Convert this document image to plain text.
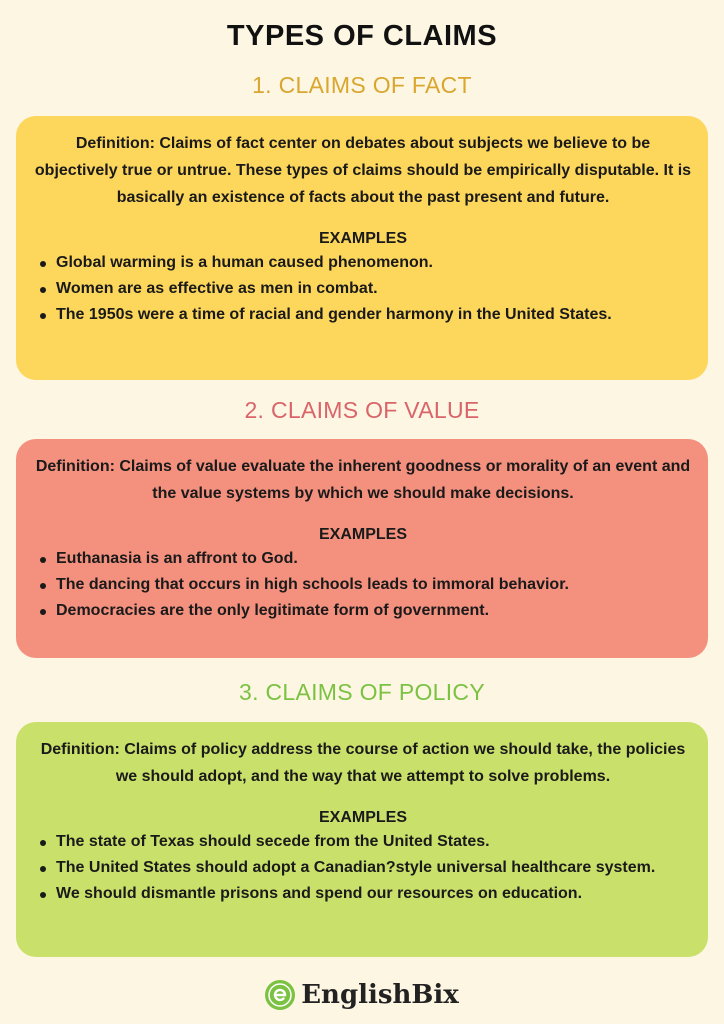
TYPES OF CLAIMS
1. CLAIMS OF FACT
Definition: Claims of fact center on debates about subjects we believe to be objectively true or untrue. These types of claims should be empirically disputable. It is basically an existence of facts about the past present and future.
EXAMPLES
Global warming is a human caused phenomenon.
Women are as effective as men in combat.
The 1950s were a time of racial and gender harmony in the United States.
2. CLAIMS OF VALUE
Definition: Claims of value evaluate the inherent goodness or morality of an event and the value systems by which we should make decisions.
EXAMPLES
Euthanasia is an affront to God.
The dancing that occurs in high schools leads to immoral behavior.
Democracies are the only legitimate form of government.
3. CLAIMS OF POLICY
Definition: Claims of policy address the course of action we should take, the policies we should adopt, and the way that we attempt to solve problems.
EXAMPLES
The state of Texas should secede from the United States.
The United States should adopt a Canadian?style universal healthcare system.
We should dismantle prisons and spend our resources on education.
EnglishBix
